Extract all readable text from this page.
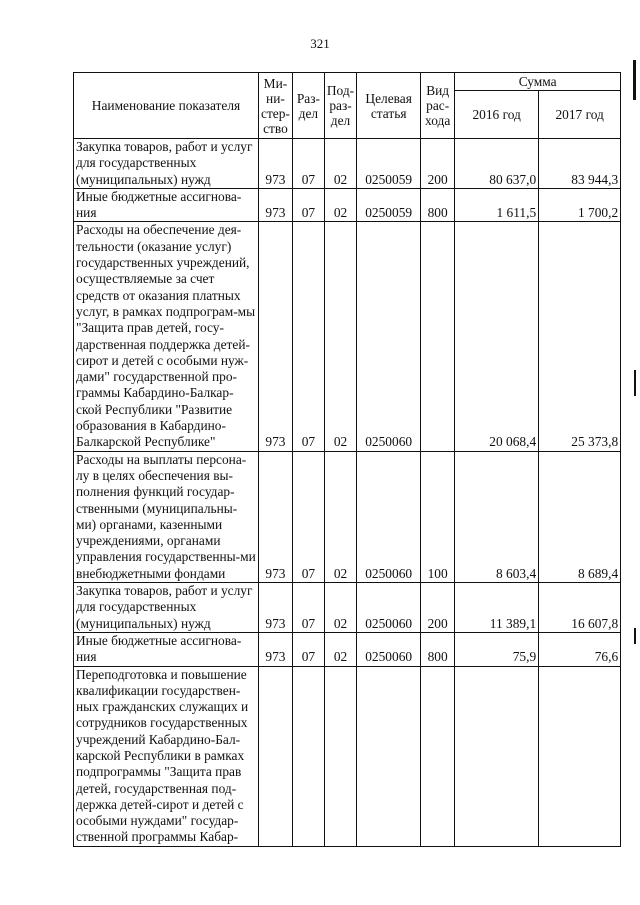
321
Наименование показателя	Ми-ни-стер-ство	Раз-дел	Под-раз-дел	Целевая статья	Вид рас-хода	Сумма	
						2016 год	2017 год
Закупка товаров, работ и услуг для государственных (муниципальных) нужд	973	07	02	0250059	200	80 637,0	83 944,3
Иные бюджетные ассигнова-ния	973	07	02	0250059	800	1 611,5	1 700,2
Расходы на обеспечение дея-тельности (оказание услуг) государственных учреждений, осуществляемые за счет средств от оказания платных услуг, в рамках подпрограм-мы "Защита прав детей, госу-дарственная поддержка детей-сирот и детей с особыми нуж-дами" государственной про-граммы Кабардино-Балкар-ской Республики "Развитие образования в Кабардино-Балкарской Республике"	973	07	02	0250060		20 068,4	25 373,8
Расходы на выплаты персона-лу в целях обеспечения вы-полнения функций государ-ственными (муниципальны-ми) органами, казенными учреждениями, органами управления государственны-ми внебюджетными фондами	973	07	02	0250060	100	8 603,4	8 689,4
Закупка товаров, работ и услуг для государственных (муниципальных) нужд	973	07	02	0250060	200	11 389,1	16 607,8
Иные бюджетные ассигнова-ния	973	07	02	0250060	800	75,9	76,6
Переподготовка и повышение квалификации государствен-ных гражданских служащих и сотрудников государственных учреждений Кабардино-Бал-карской Республики в рамках подпрограммы "Защита прав детей, государственная под-держка детей-сирот и детей с особыми нуждами" государ-ственной программы Кабар-							
